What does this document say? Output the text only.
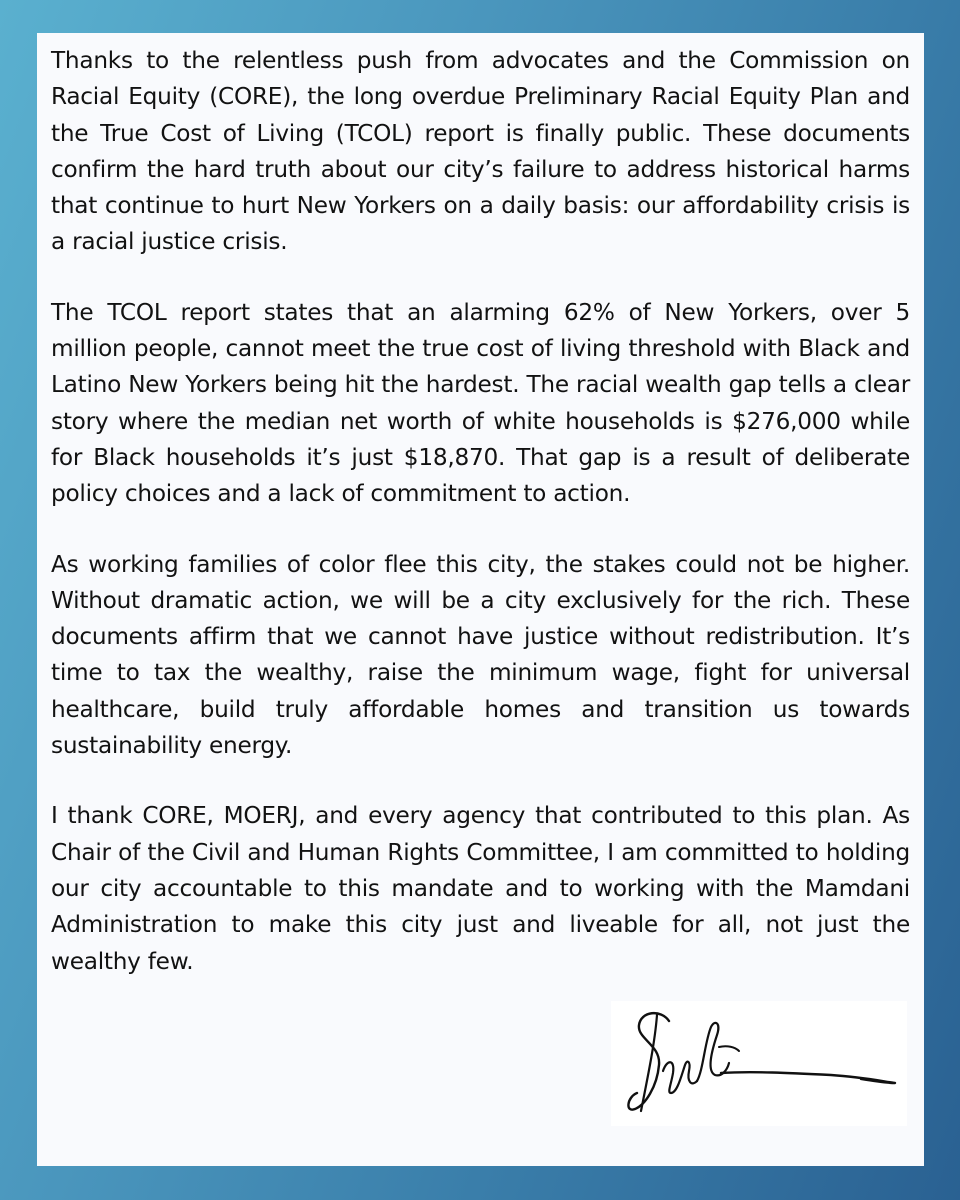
Thanks to the relentless push from advocates and the Commission on Racial Equity (CORE), the long overdue Preliminary Racial Equity Plan and the True Cost of Living (TCOL) report is finally public. These documents confirm the hard truth about our city’s failure to address historical harms that continue to hurt New Yorkers on a daily basis: our affordability crisis is a racial justice crisis.

The TCOL report states that an alarming 62% of New Yorkers, over 5 million people, cannot meet the true cost of living threshold with Black and Latino New Yorkers being hit the hardest. The racial wealth gap tells a clear story where the median net worth of white households is $276,000 while for Black households it’s just $18,870. That gap is a result of deliberate policy choices and a lack of commitment to action.

As working families of color flee this city, the stakes could not be higher. Without dramatic action, we will be a city exclusively for the rich. These documents affirm that we cannot have justice without redistribution. It’s time to tax the wealthy, raise the minimum wage, fight for universal healthcare, build truly affordable homes and transition us towards sustainability energy.

I thank CORE, MOERJ, and every agency that contributed to this plan. As Chair of the Civil and Human Rights Committee, I am committed to holding our city accountable to this mandate and to working with the Mamdani Administration to make this city just and liveable for all, not just the wealthy few.
